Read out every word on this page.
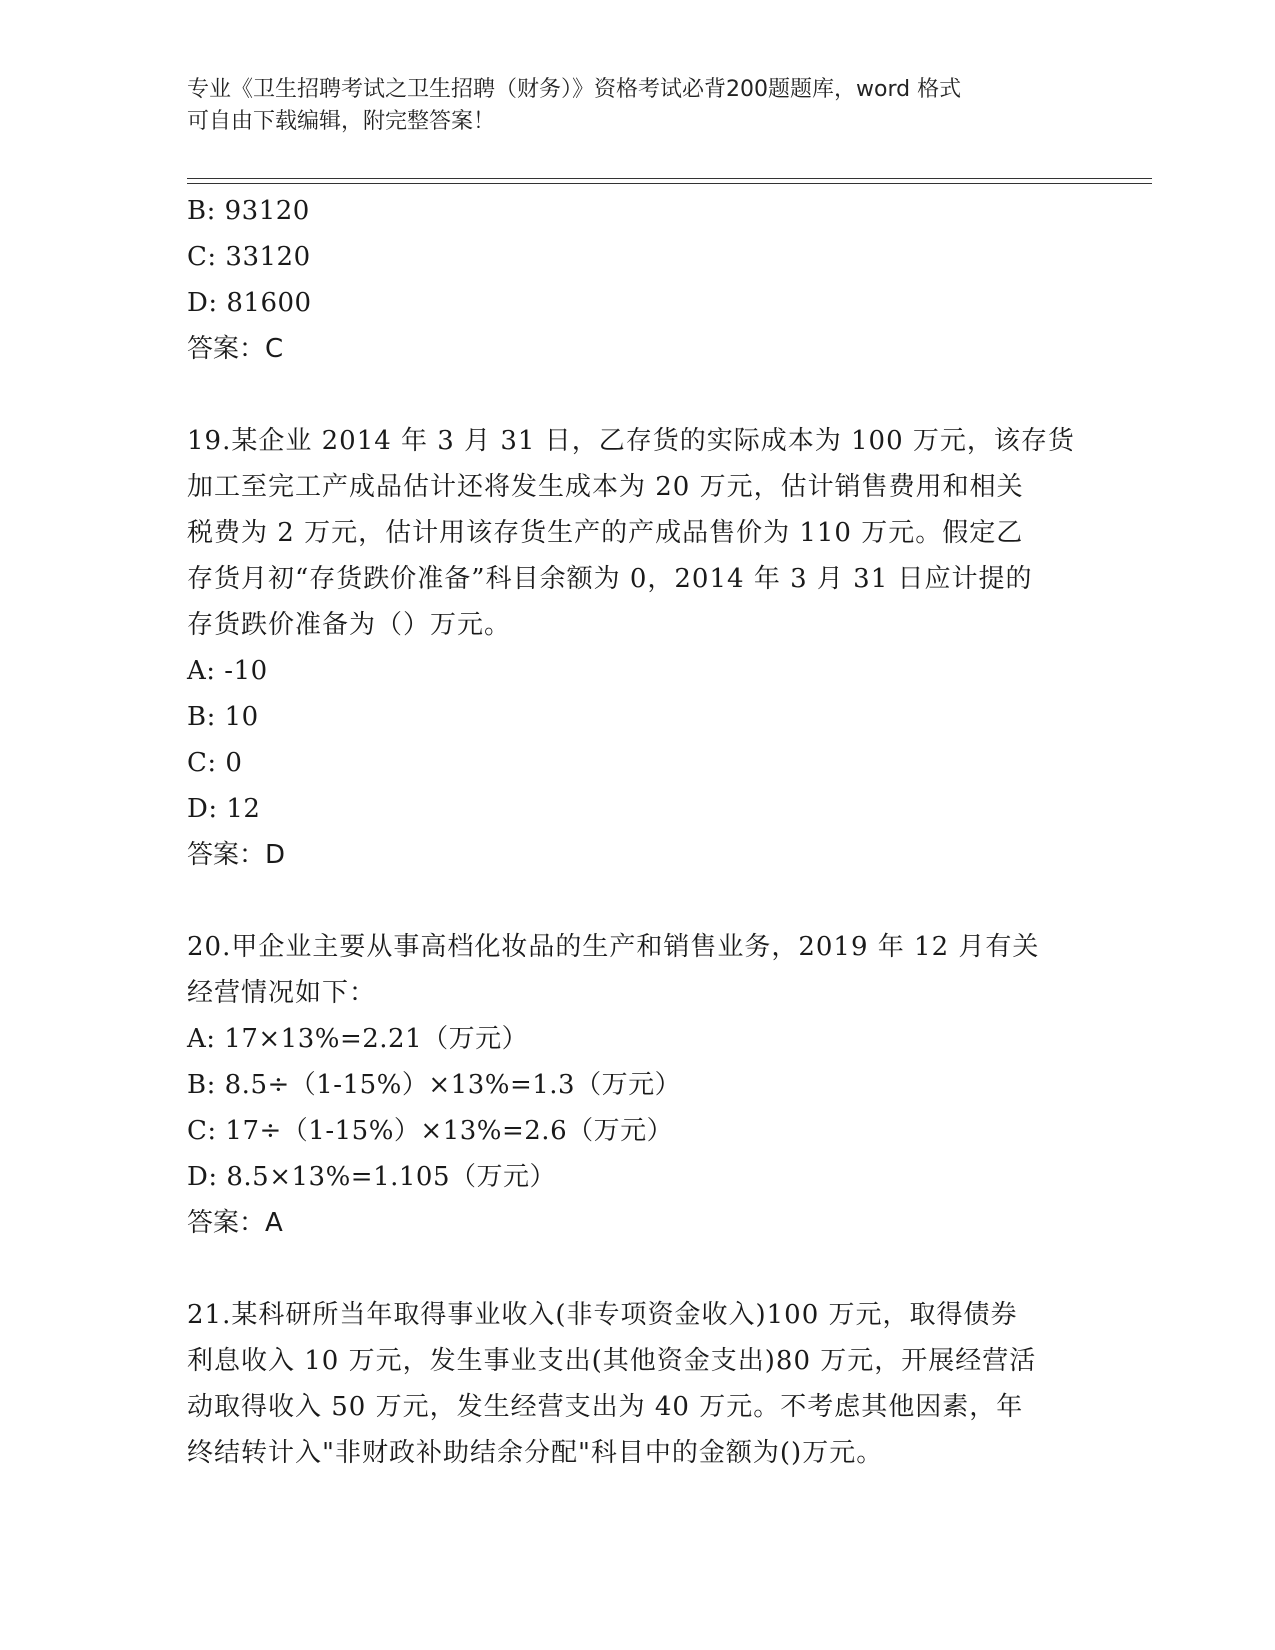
专业《卫生招聘考试之卫生招聘（财务）》资格考试必背200题题库，word 格式
可自由下载编辑，附完整答案！
B: 93120
C: 33120
D: 81600
答案：C
19.某企业 2014 年 3 月 31 日，乙存货的实际成本为 100 万元，该存货
加工至完工产成品估计还将发生成本为 20 万元，估计销售费用和相关
税费为 2 万元，估计用该存货生产的产成品售价为 110 万元。假定乙
存货月初“存货跌价准备”科目余额为 0，2014 年 3 月 31 日应计提的
存货跌价准备为（）万元。
A: -10
B: 10
C: 0
D: 12
答案：D
20.甲企业主要从事高档化妆品的生产和销售业务，2019 年 12 月有关
经营情况如下：
A: 17×13%=2.21（万元）
B: 8.5÷（1-15%）×13%=1.3（万元）
C: 17÷（1-15%）×13%=2.6（万元）
D: 8.5×13%=1.105（万元）
答案：A
21.某科研所当年取得事业收入(非专项资金收入)100 万元，取得债券
利息收入 10 万元，发生事业支出(其他资金支出)80 万元，开展经营活
动取得收入 50 万元，发生经营支出为 40 万元。不考虑其他因素，年
终结转计入"非财政补助结余分配"科目中的金额为()万元。
